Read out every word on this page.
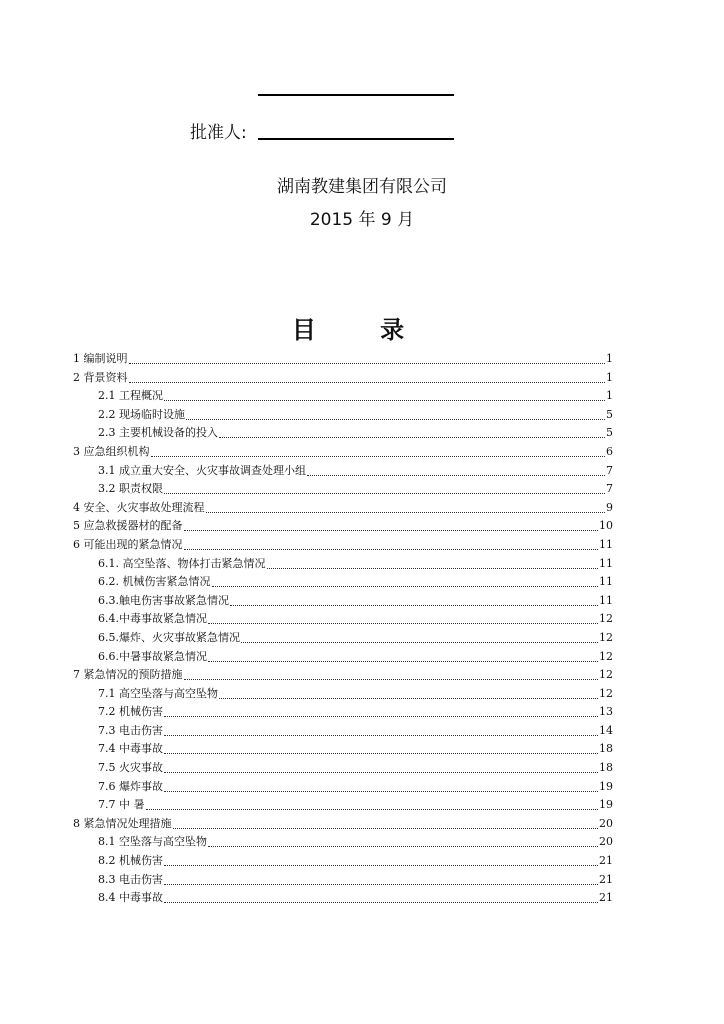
批准人:
湖南教建集团有限公司
2015 年 9 月
目 录
1 编制说明	1
2 背景资料	1
2.1 工程概况	1
2.2 现场临时设施	5
2.3 主要机械设备的投入	5
3 应急组织机构	6
3.1 成立重大安全、火灾事故调查处理小组	7
3.2 职责权限	7
4 安全、火灾事故处理流程	9
5 应急救援器材的配备	10
6 可能出现的紧急情况	11
6.1. 高空坠落、物体打击紧急情况	11
6.2. 机械伤害紧急情况	11
6.3.触电伤害事故紧急情况	11
6.4.中毒事故紧急情况	12
6.5.爆炸、火灾事故紧急情况	12
6.6.中暑事故紧急情况	12
7 紧急情况的预防措施	12
7.1 高空坠落与高空坠物	12
7.2 机械伤害	13
7.3 电击伤害	14
7.4 中毒事故	18
7.5 火灾事故	18
7.6 爆炸事故	19
7.7 中 暑	19
8 紧急情况处理措施	20
8.1 空坠落与高空坠物	20
8.2 机械伤害	21
8.3 电击伤害	21
8.4 中毒事故	21
